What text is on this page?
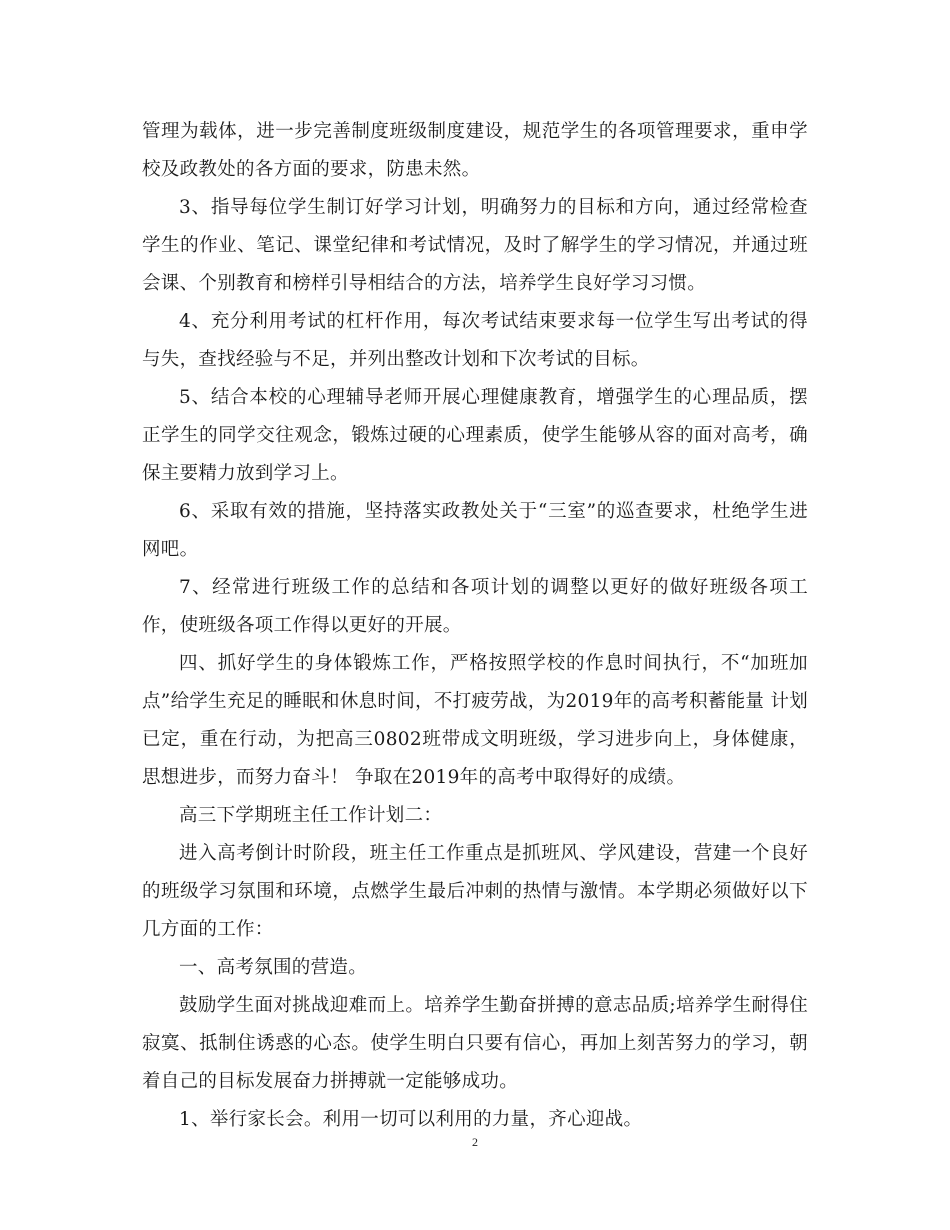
管理为载体，进一步完善制度班级制度建设，规范学生的各项管理要求，重申学校及政教处的各方面的要求，防患未然。

3、指导每位学生制订好学习计划，明确努力的目标和方向，通过经常检查学生的作业、笔记、课堂纪律和考试情况，及时了解学生的学习情况，并通过班会课、个别教育和榜样引导相结合的方法，培养学生良好学习习惯。

4、充分利用考试的杠杆作用，每次考试结束要求每一位学生写出考试的得与失，查找经验与不足，并列出整改计划和下次考试的目标。

5、结合本校的心理辅导老师开展心理健康教育，增强学生的心理品质，摆正学生的同学交往观念，锻炼过硬的心理素质，使学生能够从容的面对高考，确保主要精力放到学习上。

6、采取有效的措施，坚持落实政教处关于“三室”的巡查要求，杜绝学生进网吧。

7、经常进行班级工作的总结和各项计划的调整以更好的做好班级各项工作，使班级各项工作得以更好的开展。

四、抓好学生的身体锻炼工作，严格按照学校的作息时间执行，不“加班加点”给学生充足的睡眠和休息时间，不打疲劳战，为2019年的高考积蓄能量 计划已定，重在行动，为把高三0802班带成文明班级，学习进步向上，身体健康，思想进步，而努力奋斗！ 争取在2019年的高考中取得好的成绩。

高三下学期班主任工作计划二：

进入高考倒计时阶段，班主任工作重点是抓班风、学风建设，营建一个良好的班级学习氛围和环境，点燃学生最后冲刺的热情与激情。本学期必须做好以下几方面的工作：

一、高考氛围的营造。

鼓励学生面对挑战迎难而上。培养学生勤奋拼搏的意志品质;培养学生耐得住寂寞、抵制住诱惑的心态。使学生明白只要有信心，再加上刻苦努力的学习，朝着自己的目标发展奋力拼搏就一定能够成功。

1、举行家长会。利用一切可以利用的力量，齐心迎战。

2
